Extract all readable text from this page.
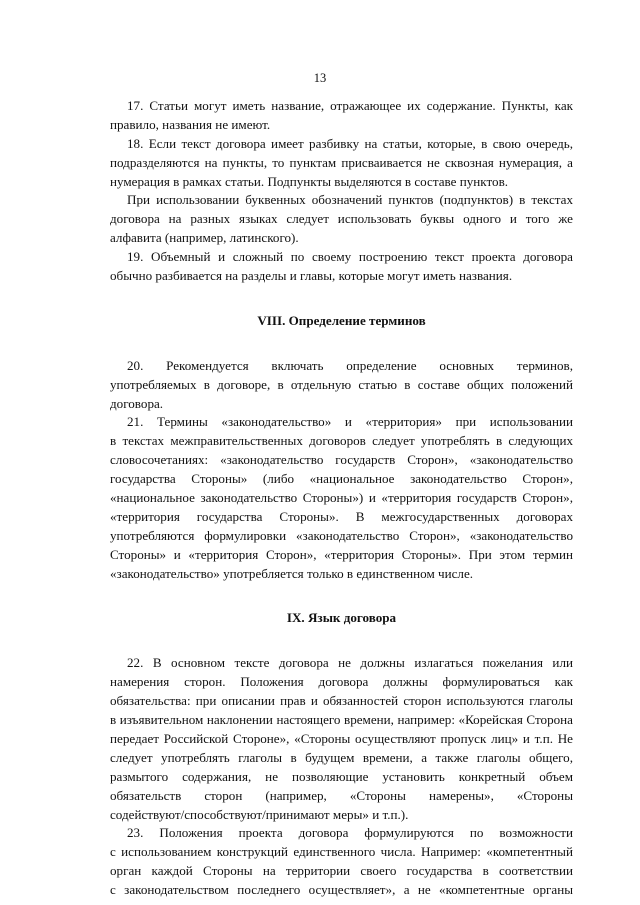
13
17. Статьи могут иметь название, отражающее их содержание. Пункты, как
правило, названия не имеют.
18. Если текст договора имеет разбивку на статьи, которые, в свою очередь,
подразделяются на пункты, то пунктам присваивается не сквозная нумерация, а
нумерация в рамках статьи. Подпункты выделяются в составе пунктов.
При использовании буквенных обозначений пунктов (подпунктов) в текстах
договора на разных языках следует использовать буквы одного и того же
алфавита (например, латинского).
19. Объемный и сложный по своему построению текст проекта договора
обычно разбивается на разделы и главы, которые могут иметь названия.
VIII. Определение терминов
20. Рекомендуется включать определение основных терминов,
употребляемых в договоре, в отдельную статью в составе общих положений
договора.
21. Термины «законодательство» и «территория» при использовании
в текстах межправительственных договоров следует употреблять в следующих
словосочетаниях: «законодательство государств Сторон», «законодательство
государства Стороны» (либо «национальное законодательство Сторон»,
«национальное законодательство Стороны») и «территория государств Сторон»,
«территория государства Стороны». В межгосударственных договорах
употребляются формулировки «законодательство Сторон», «законодательство
Стороны» и «территория Сторон», «территория Стороны». При этом термин
«законодательство» употребляется только в единственном числе.
IX. Язык договора
22. В основном тексте договора не должны излагаться пожелания или
намерения сторон. Положения договора должны формулироваться как
обязательства: при описании прав и обязанностей сторон используются глаголы
в изъявительном наклонении настоящего времени, например: «Корейская Сторона
передает Российской Стороне», «Стороны осуществляют пропуск лиц» и т.п. Не
следует употреблять глаголы в будущем времени, а также глаголы общего,
размытого содержания, не позволяющие установить конкретный объем
обязательств сторон (например, «Стороны намерены», «Стороны
содействуют/способствуют/принимают меры» и т.п.).
23. Положения проекта договора формулируются по возможности
с использованием конструкций единственного числа. Например: «компетентный
орган каждой Стороны на территории своего государства в соответствии
с законодательством последнего осуществляет», а не «компетентные органы
